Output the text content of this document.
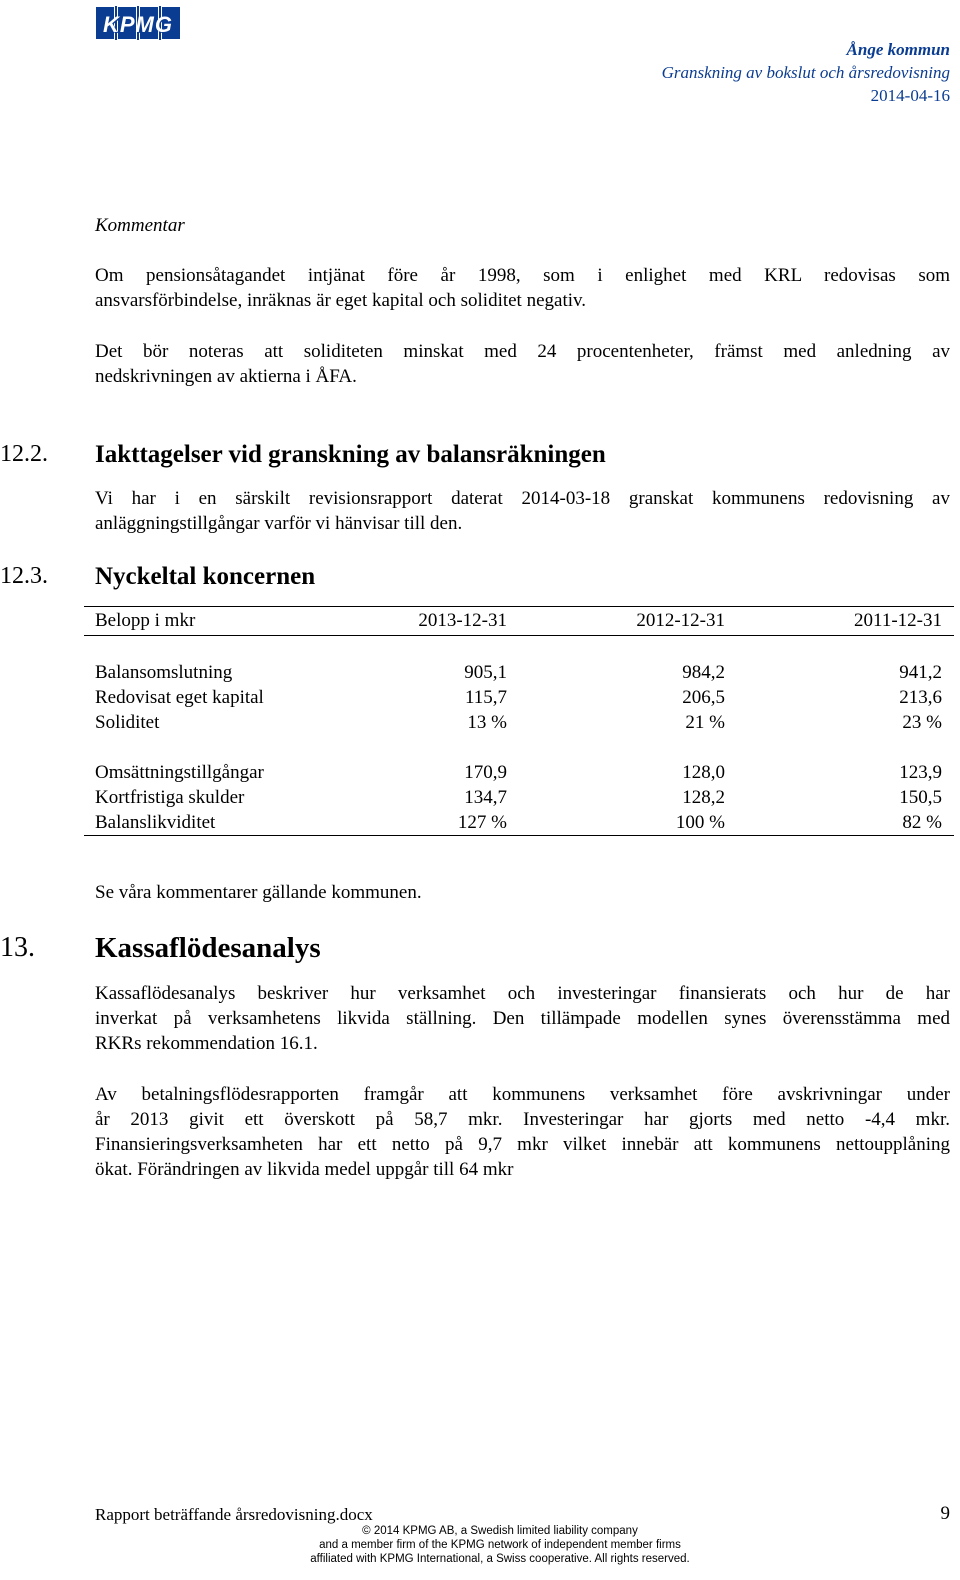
KPMG
Ånge kommun
Granskning av bokslut och årsredovisning
2014-04-16
Kommentar
Om pensionsåtagandet intjänat före år 1998, som i enlighet med KRL redovisas som
ansvarsförbindelse, inräknas är eget kapital och soliditet negativ.
Det bör noteras att soliditeten minskat med 24 procentenheter, främst med anledning av
nedskrivningen av aktierna i ÅFA.
12.2.	Iakttagelser vid granskning av balansräkningen
Vi har i en särskilt revisionsrapport daterat 2014-03-18 granskat kommunens redovisning av
anläggningstillgångar varför vi hänvisar till den.
12.3.	Nyckeltal koncernen
Belopp i mkr	2013-12-31	2012-12-31	2011-12-31
Balansomslutning	905,1	984,2	941,2
Redovisat eget kapital	115,7	206,5	213,6
Soliditet	13 %	21 %	23 %
Omsättningstillgångar	170,9	128,0	123,9
Kortfristiga skulder	134,7	128,2	150,5
Balanslikviditet	127 %	100 %	82 %
Se våra kommentarer gällande kommunen.
13.	Kassaflödesanalys
Kassaflödesanalys beskriver hur verksamhet och investeringar finansierats och hur de har
inverkat på verksamhetens likvida ställning. Den tillämpade modellen synes överensstämma med
RKRs rekommendation 16.1.
Av betalningsflödesrapporten framgår att kommunens verksamhet före avskrivningar under
år 2013 givit ett överskott på 58,7 mkr. Investeringar har gjorts med netto -4,4 mkr.
Finansieringsverksamheten har ett netto på 9,7 mkr vilket innebär att kommunens nettoupplåning
ökat. Förändringen av likvida medel uppgår till 64 mkr
Rapport beträffande årsredovisning.docx	9
© 2014 KPMG AB, a Swedish limited liability company
and a member firm of the KPMG network of independent member firms
affiliated with KPMG International, a Swiss cooperative. All rights reserved.
